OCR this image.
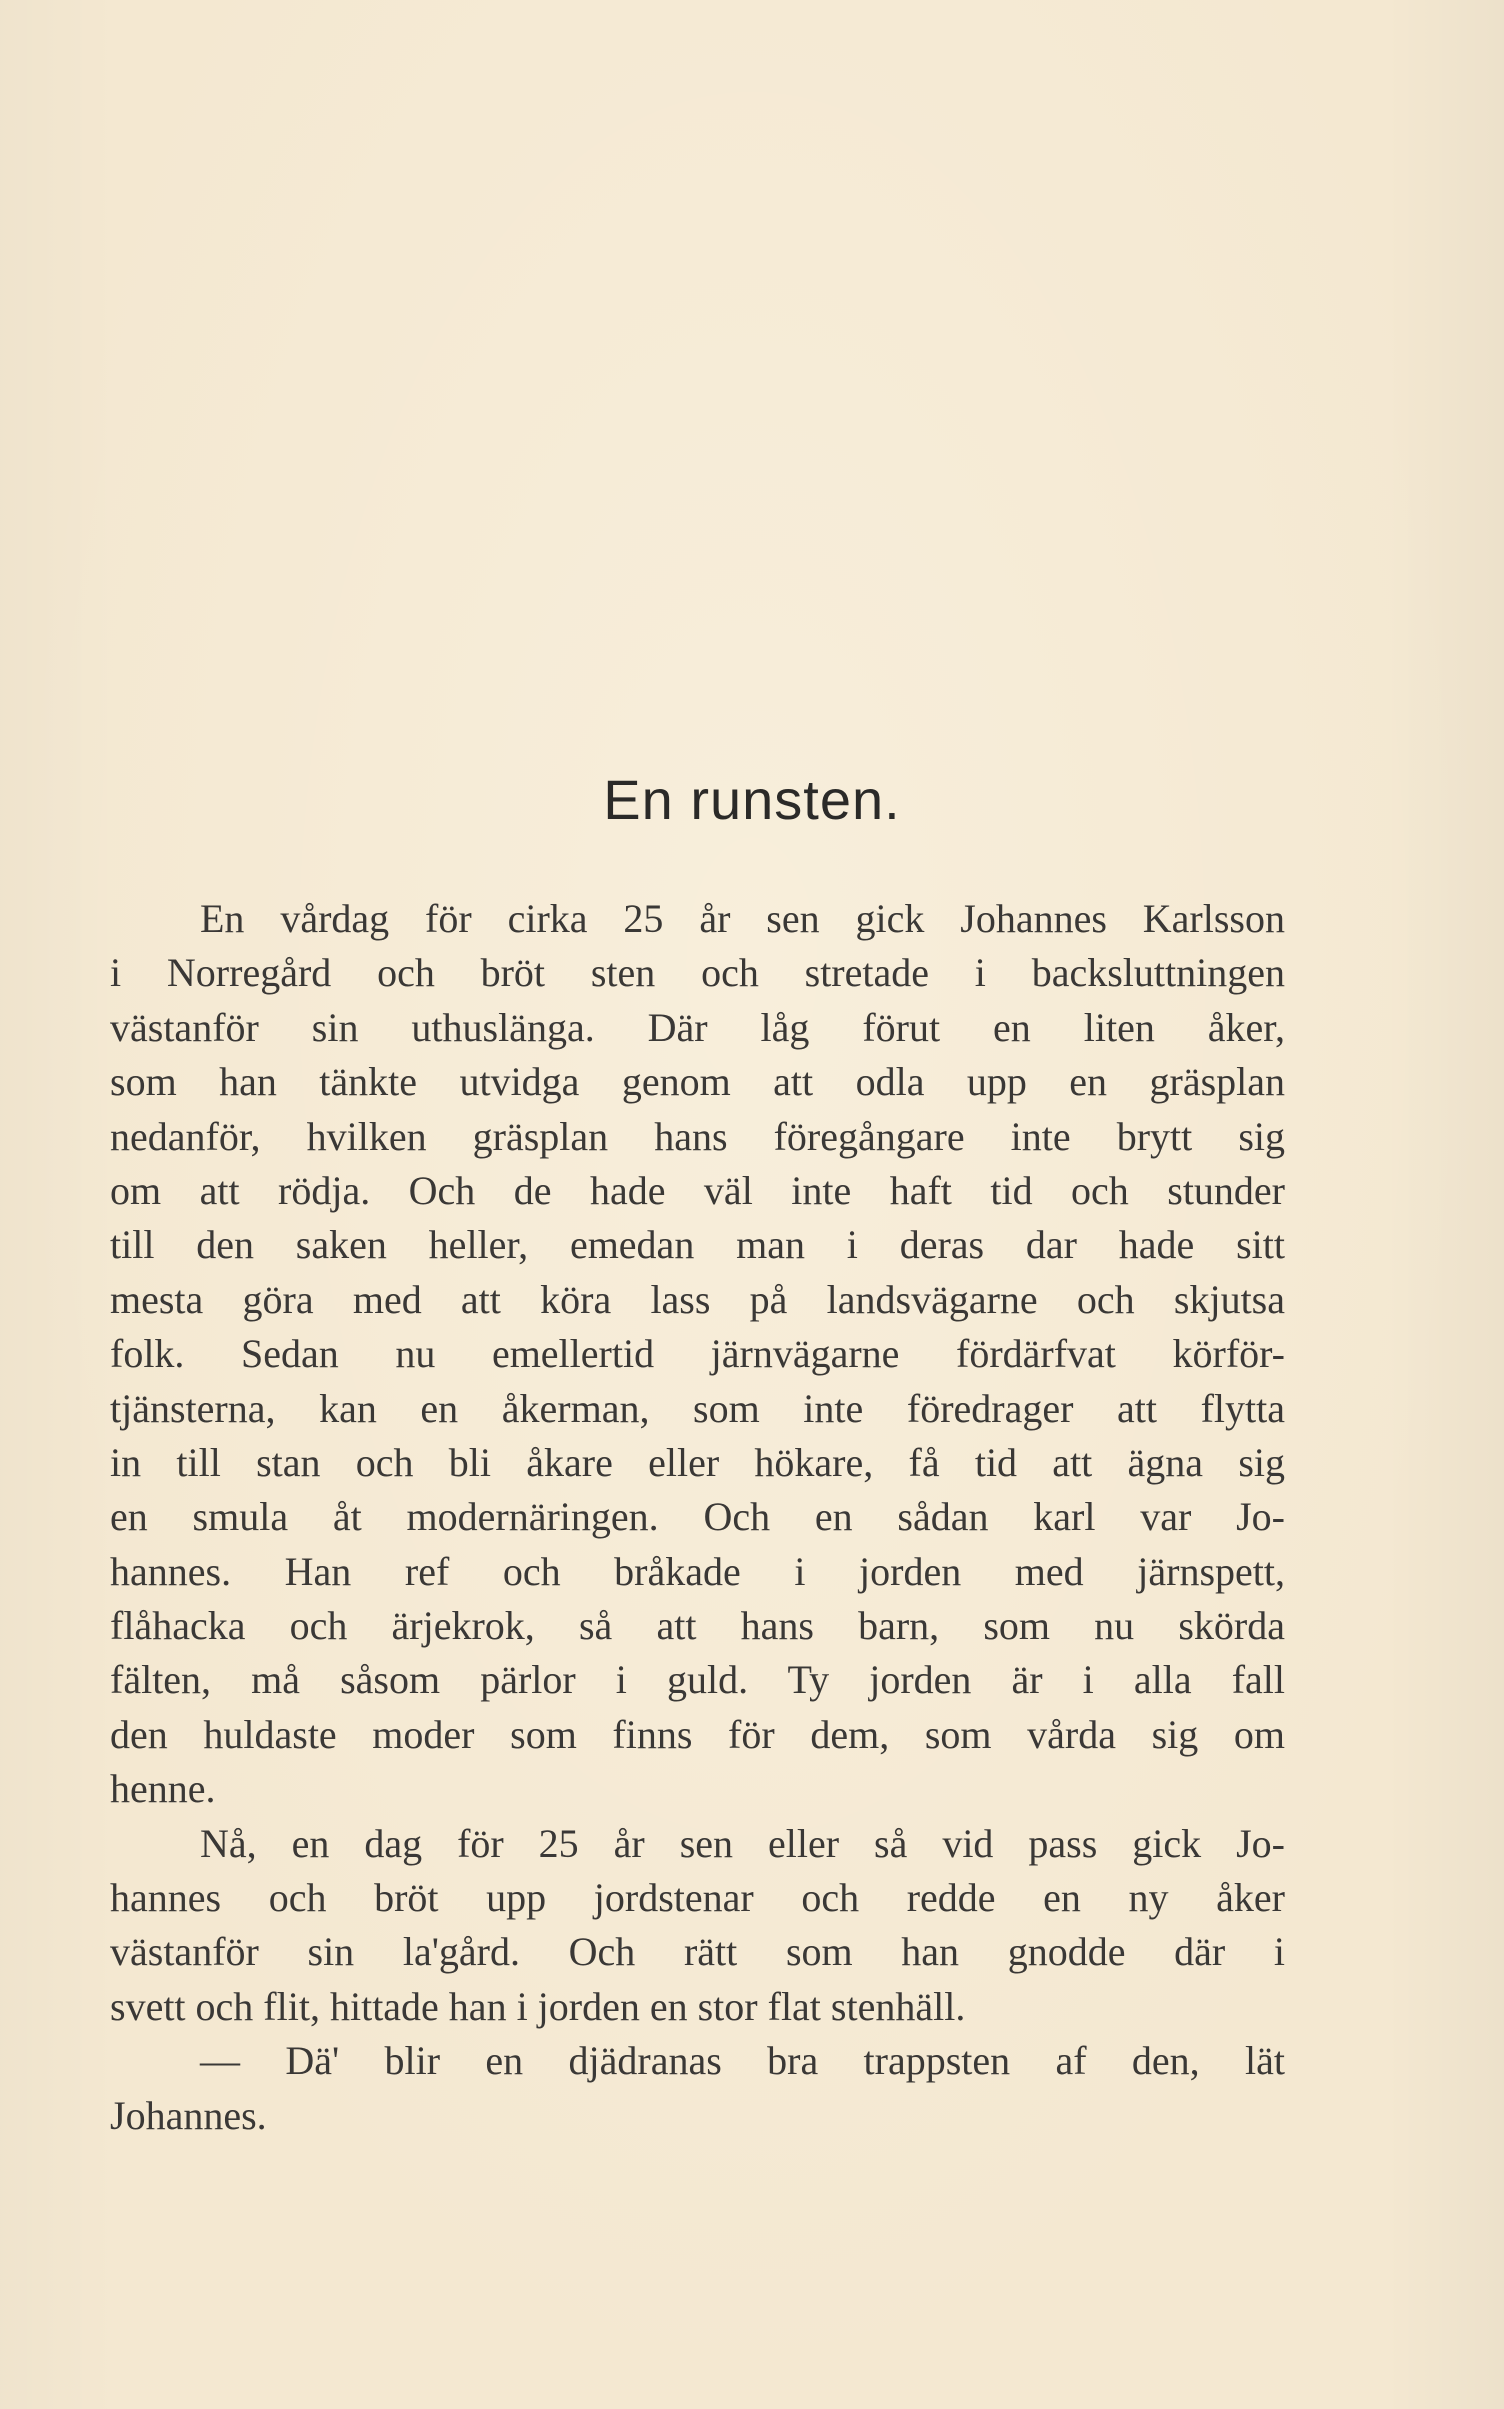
En runsten.
En vårdag för cirka 25 år sen gick Johannes Karlsson
i Norregård och bröt sten och stretade i backsluttningen
västanför sin uthuslänga. Där låg förut en liten åker,
som han tänkte utvidga genom att odla upp en gräsplan
nedanför, hvilken gräsplan hans föregångare inte brytt sig
om att rödja. Och de hade väl inte haft tid och stunder
till den saken heller, emedan man i deras dar hade sitt
mesta göra med att köra lass på landsvägarne och skjutsa
folk. Sedan nu emellertid järnvägarne fördärfvat körför-
tjänsterna, kan en åkerman, som inte föredrager att flytta
in till stan och bli åkare eller hökare, få tid att ägna sig
en smula åt modernäringen. Och en sådan karl var Jo-
hannes. Han ref och bråkade i jorden med järnspett,
flåhacka och ärjekrok, så att hans barn, som nu skörda
fälten, må såsom pärlor i guld. Ty jorden är i alla fall
den huldaste moder som finns för dem, som vårda sig om
henne.
Nå, en dag för 25 år sen eller så vid pass gick Jo-
hannes och bröt upp jordstenar och redde en ny åker
västanför sin la'gård. Och rätt som han gnodde där i
svett och flit, hittade han i jorden en stor flat stenhäll.
— Dä' blir en djädranas bra trappsten af den, lät
Johannes.
